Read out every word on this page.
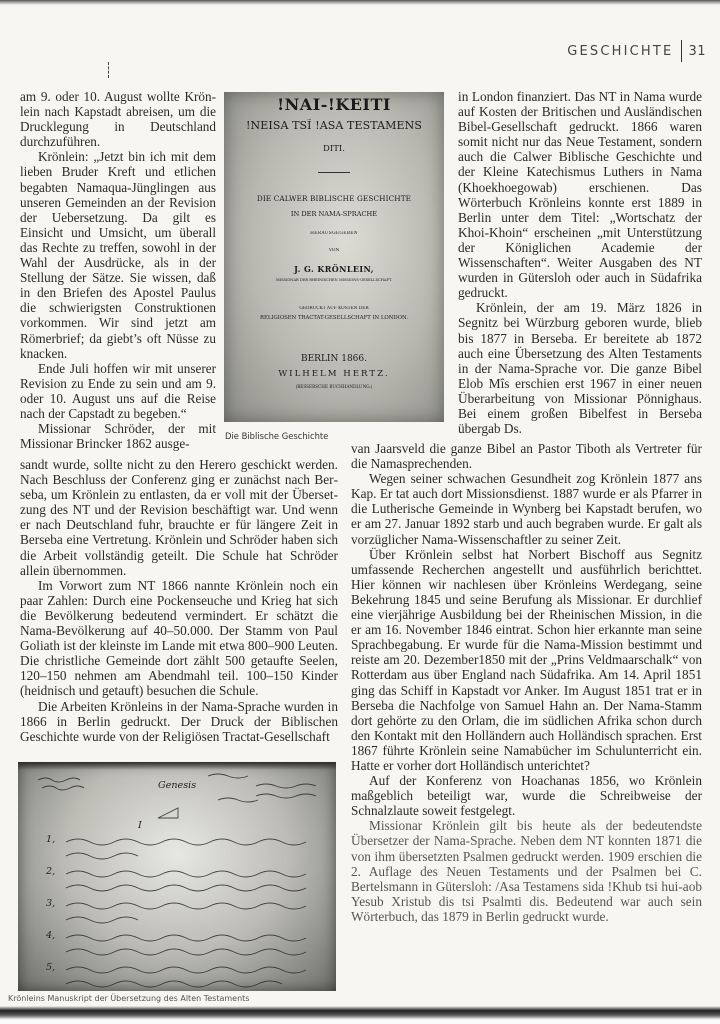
GESCHICHTE 31

am 9. oder 10. August wollte Krönlein nach Kapstadt abreisen, um die Drucklegung in Deutschland durchzuführen.

Krönlein: „Jetzt bin ich mit dem lieben Bruder Kreft und etlichen begabten Namaqua-Jünglingen aus unseren Gemeinden an der Revision der Uebersetzung. Da gilt es Einsicht und Umsicht, um überall das Rechte zu treffen, sowohl in der Wahl der Ausdrücke, als in der Stellung der Sätze. Sie wissen, daß in den Briefen des Apostel Paulus die schwierigsten Construktionen vorkommen. Wir sind jetzt am Römerbrief; da giebt’s oft Nüsse zu knacken.

Ende Juli hoffen wir mit unserer Revision zu Ende zu sein und am 9. oder 10. August uns auf die Reise nach der Capstadt zu begeben.“

Missionar Schröder, der mit Missionar Brincker 1862 ausge-

!NAI-!KEITI
!NEISA TSĨ !ASA TESTAMENS
DITI.
DIE CALWER BIBLISCHE GESCHICHTE
IN DER NAMA-SPRACHE
HERAUSGEGEBEN
VON
J. G. KRÖNLEIN,
MISSIONAR DER RHEINISCHEN MISSIONS-GESELLSCHAFT.
GEDRUCKT AUF KOSTEN DER
RELIGIÖSEN TRACTAT-GESELLSCHAFT IN LONDON.
BERLIN 1866.
WILHELM HERTZ.
(BESSERSCHE BUCHHANDLUNG.)
Die Biblische Geschichte

sandt wurde, sollte nicht zu den Herero geschickt werden. Nach Beschluss der Conferenz ging er zunächst nach Berseba, um Krönlein zu entlasten, da er voll mit der Übersetzung des NT und der Revision beschäftigt war. Und wenn er nach Deutschland fuhr, brauchte er für längere Zeit in Berseba eine Vertretung. Krönlein und Schröder haben sich die Arbeit vollständig geteilt. Die Schule hat Schröder allein übernommen.

Im Vorwort zum NT 1866 nannte Krönlein noch ein paar Zahlen: Durch eine Pockenseuche und Krieg hat sich die Bevölkerung bedeutend vermindert. Er schätzt die Nama-Bevölkerung auf 40–50.000. Der Stamm von Paul Goliath ist der kleinste im Lande mit etwa 800–900 Leuten. Die christliche Gemeinde dort zählt 500 getaufte Seelen, 120–150 nehmen am Abendmahl teil. 100–150 Kinder (heidnisch und getauft) besuchen die Schule.

Die Arbeiten Krönleins in der Nama-Sprache wurden in 1866 in Berlin gedruckt. Der Druck der Biblischen Geschichte wurde von der Religiösen Tractat-Gesellschaft

in London finanziert. Das NT in Nama wurde auf Kosten der Britischen und Ausländischen Bibel-Gesellschaft gedruckt. 1866 waren somit nicht nur das Neue Testament, sondern auch die Calwer Biblische Geschichte und der Kleine Katechismus Luthers in Nama (Khoekhoegowab) erschienen. Das Wörterbuch Krönleins konnte erst 1889 in Berlin unter dem Titel: „Wortschatz der Khoi-Khoin“ erscheinen „mit Unterstützung der Königlichen Academie der Wissenschaften“. Weiter Ausgaben des NT wurden in Gütersloh oder auch in Südafrika gedruckt.

Krönlein, der am 19. März 1826 in Segnitz bei Würzburg geboren wurde, blieb bis 1877 in Berseba. Er bereitete ab 1872 auch eine Übersetzung des Alten Testaments in der Nama-Sprache vor. Die ganze Bibel Elob Mîs erschien erst 1967 in einer neuen Überarbeitung von Missionar Pönnighaus. Bei einem großen Bibelfest in Berseba übergab Ds.

van Jaarsveld die ganze Bibel an Pastor Tiboth als Vertreter für die Namasprechenden.

Wegen seiner schwachen Gesundheit zog Krönlein 1877 ans Kap. Er tat auch dort Missionsdienst. 1887 wurde er als Pfarrer in die Lutherische Gemeinde in Wynberg bei Kapstadt berufen, wo er am 27. Januar 1892 starb und auch begraben wurde. Er galt als vorzüglicher Nama-Wissenschaftler zu seiner Zeit.

Über Krönlein selbst hat Norbert Bischoff aus Segnitz umfassende Recherchen angestellt und ausführlich berichttet. Hier können wir nachlesen über Krönleins Werdegang, seine Bekehrung 1845 und seine Berufung als Missionar. Er durchlief eine vierjährige Ausbildung bei der Rheinischen Mission, in die er am 16. November 1846 eintrat. Schon hier erkannte man seine Sprachbegabung. Er wurde für die Nama-Mission bestimmt und reiste am 20. Dezember1850 mit der „Prins Veldmaarschalk“ von Rotterdam aus über England nach Südafrika. Am 14. April 1851 ging das Schiff in Kapstadt vor Anker. Im August 1851 trat er in Berseba die Nachfolge von Samuel Hahn an. Der Nama-Stamm dort gehörte zu den Orlam, die im südlichen Afrika schon durch den Kontakt mit den Holländern auch Holländisch sprachen. Erst 1867 führte Krönlein seine Namabücher im Schulunterricht ein. Hatte er vorher dort Holländisch unterichtet?

Auf der Konferenz von Hoachanas 1856, wo Krönlein maßgeblich beteiligt war, wurde die Schreibweise der Schnalzlaute soweit festgelegt.

Missionar Krönlein gilt bis heute als der bedeutendste Übersetzer der Nama-Sprache. Neben dem NT konnten 1871 die von ihm übersetzten Psalmen gedruckt werden. 1909 erschien die 2. Auflage des Neuen Testaments und der Psalmen bei C. Bertelsmann in Gütersloh: /Asa Testamens sida !Khub tsi hui-aob Yesub Xristub dis tsi Psalmti dis. Bedeutend war auch sein Wörterbuch, das 1879 in Berlin gedruckt wurde.

Genesis
I
1,
2,
3,
4,
5,
Krönleins Manuskript der Übersetzung des Alten Testaments
